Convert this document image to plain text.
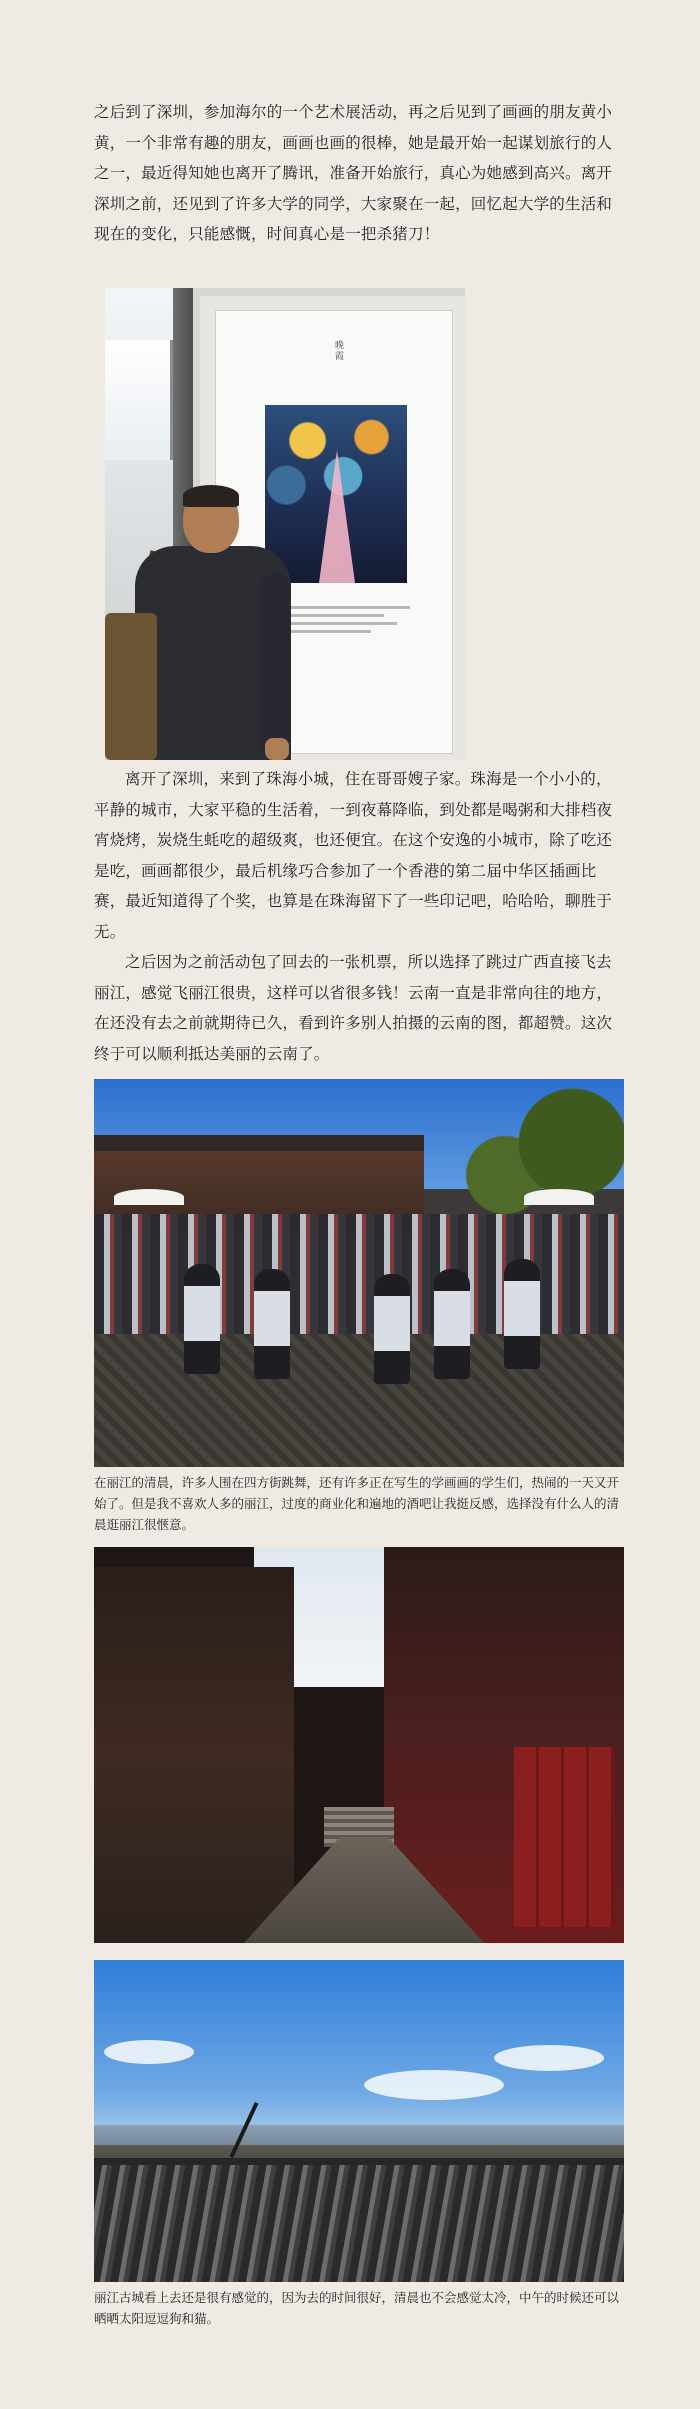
之后到了深圳，参加海尔的一个艺术展活动，再之后见到了画画的朋友黄小黄，一个非常有趣的朋友，画画也画的很棒，她是最开始一起谋划旅行的人之一，最近得知她也离开了腾讯，准备开始旅行，真心为她感到高兴。离开深圳之前，还见到了许多大学的同学，大家聚在一起，回忆起大学的生活和现在的变化，只能感慨，时间真心是一把杀猪刀！

晚霞

离开了深圳，来到了珠海小城，住在哥哥嫂子家。珠海是一个小小的，平静的城市，大家平稳的生活着，一到夜幕降临，到处都是喝粥和大排档夜宵烧烤，炭烧生蚝吃的超级爽，也还便宜。在这个安逸的小城市，除了吃还是吃，画画都很少，最后机缘巧合参加了一个香港的第二届中华区插画比赛，最近知道得了个奖，也算是在珠海留下了一些印记吧，哈哈哈，聊胜于无。

之后因为之前活动包了回去的一张机票，所以选择了跳过广西直接飞去丽江，感觉飞丽江很贵，这样可以省很多钱！云南一直是非常向往的地方，在还没有去之前就期待已久，看到许多别人拍摄的云南的图，都超赞。这次终于可以顺利抵达美丽的云南了。

在丽江的清晨，许多人围在四方街跳舞，还有许多正在写生的学画画的学生们，热闹的一天又开始了。但是我不喜欢人多的丽江，过度的商业化和遍地的酒吧让我挺反感，选择没有什么人的清晨逛丽江很惬意。

丽江古城看上去还是很有感觉的，因为去的时间很好，清晨也不会感觉太冷，中午的时候还可以晒晒太阳逗逗狗和猫。
